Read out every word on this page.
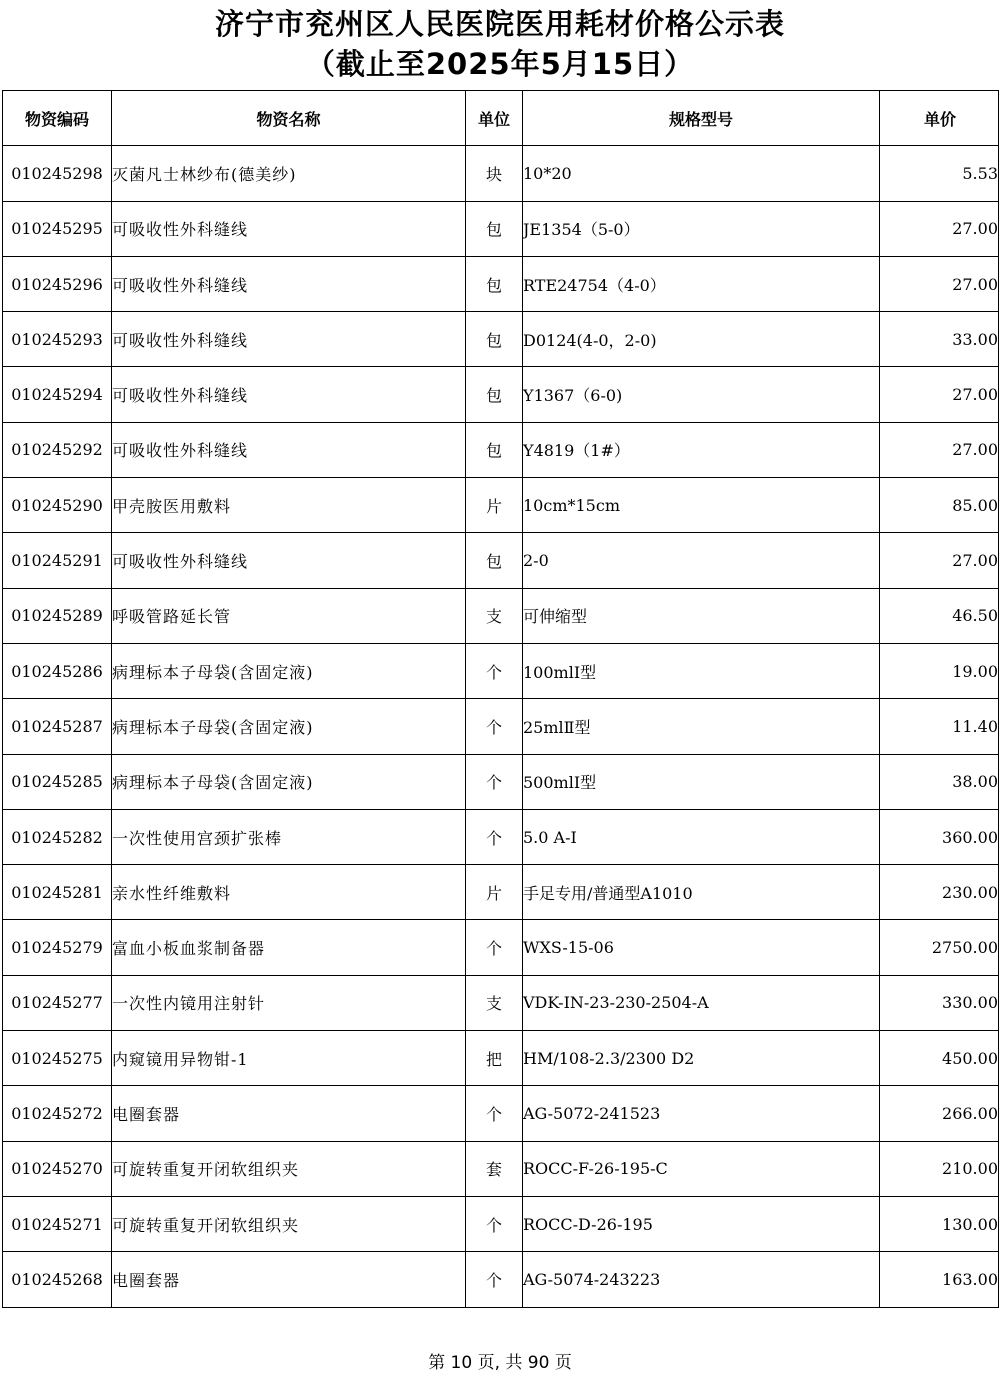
济宁市兖州区人民医院医用耗材价格公示表
（截止至2025年5月15日）
物资编码	物资名称	单位	规格型号	单价
010245298	灭菌凡士林纱布(德美纱)	块	10*20	5.53
010245295	可吸收性外科缝线	包	JE1354（5-0）	27.00
010245296	可吸收性外科缝线	包	RTE24754（4-0）	27.00
010245293	可吸收性外科缝线	包	D0124(4-0，2-0)	33.00
010245294	可吸收性外科缝线	包	Y1367（6-0)	27.00
010245292	可吸收性外科缝线	包	Y4819（1#）	27.00
010245290	甲壳胺医用敷料	片	10cm*15cm	85.00
010245291	可吸收性外科缝线	包	2-0	27.00
010245289	呼吸管路延长管	支	可伸缩型	46.50
010245286	病理标本子母袋(含固定液)	个	100mlⅠ型	19.00
010245287	病理标本子母袋(含固定液)	个	25mlⅡ型	11.40
010245285	病理标本子母袋(含固定液)	个	500mlⅠ型	38.00
010245282	一次性使用宫颈扩张棒	个	5.0 A-I	360.00
010245281	亲水性纤维敷料	片	手足专用/普通型A1010	230.00
010245279	富血小板血浆制备器	个	WXS-15-06	2750.00
010245277	一次性内镜用注射针	支	VDK-IN-23-230-2504-A	330.00
010245275	内窥镜用异物钳-1	把	HM/108-2.3/2300 D2	450.00
010245272	电圈套器	个	AG-5072-241523	266.00
010245270	可旋转重复开闭软组织夹	套	ROCC-F-26-195-C	210.00
010245271	可旋转重复开闭软组织夹	个	ROCC-D-26-195	130.00
010245268	电圈套器	个	AG-5074-243223	163.00
第 10 页, 共 90 页
